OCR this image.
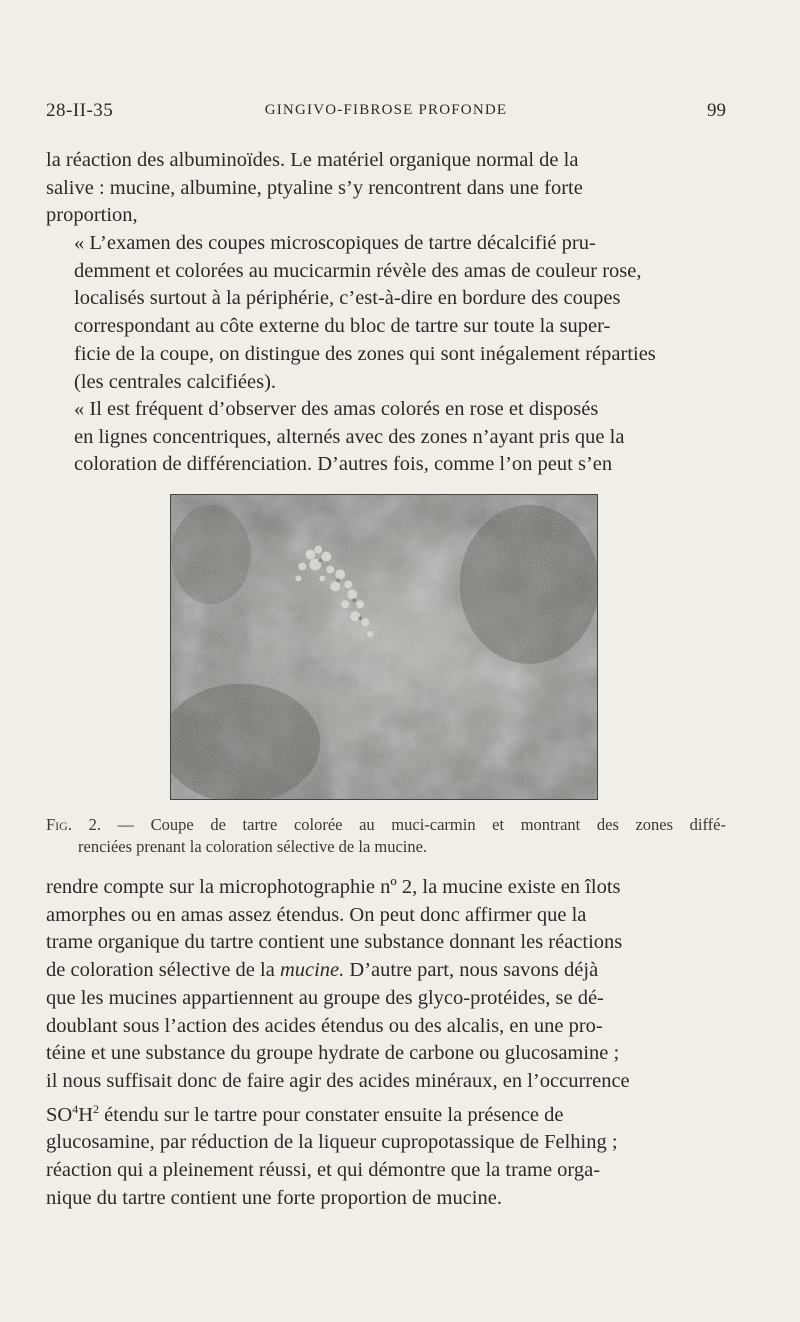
28-II-35	GINGIVO-FIBROSE PROFONDE	99
la réaction des albuminoïdes. Le matériel organique normal de la
salive : mucine, albumine, ptyaline s’y rencontrent dans une forte
proportion,
« L’examen des coupes microscopiques de tartre décalcifié pru-
demment et colorées au mucicarmin révèle des amas de couleur rose,
localisés surtout à la périphérie, c’est-à-dire en bordure des coupes
correspondant au côte externe du bloc de tartre sur toute la super-
ficie de la coupe, on distingue des zones qui sont inégalement réparties
(les centrales calcifiées).
« Il est fréquent d’observer des amas colorés en rose et disposés
en lignes concentriques, alternés avec des zones n’ayant pris que la
coloration de différenciation. D’autres fois, comme l’on peut s’en
Fig. 2. — Coupe de tartre colorée au muci-carmin et montrant des zones diffé-
renciées prenant la coloration sélective de la mucine.
rendre compte sur la microphotographie nº 2, la mucine existe en îlots
amorphes ou en amas assez étendus. On peut donc affirmer que la
trame organique du tartre contient une substance donnant les réactions
de coloration sélective de la mucine. D’autre part, nous savons déjà
que les mucines appartiennent au groupe des glyco-protéides, se dé-
doublant sous l’action des acides étendus ou des alcalis, en une pro-
téine et une substance du groupe hydrate de carbone ou glucosamine ;
il nous suffisait donc de faire agir des acides minéraux, en l’occurrence
$SO^4H^2$ étendu sur le tartre pour constater ensuite la présence de
glucosamine, par réduction de la liqueur cupropotassique de Felhing ;
réaction qui a pleinement réussi, et qui démontre que la trame orga-
nique du tartre contient une forte proportion de mucine.
